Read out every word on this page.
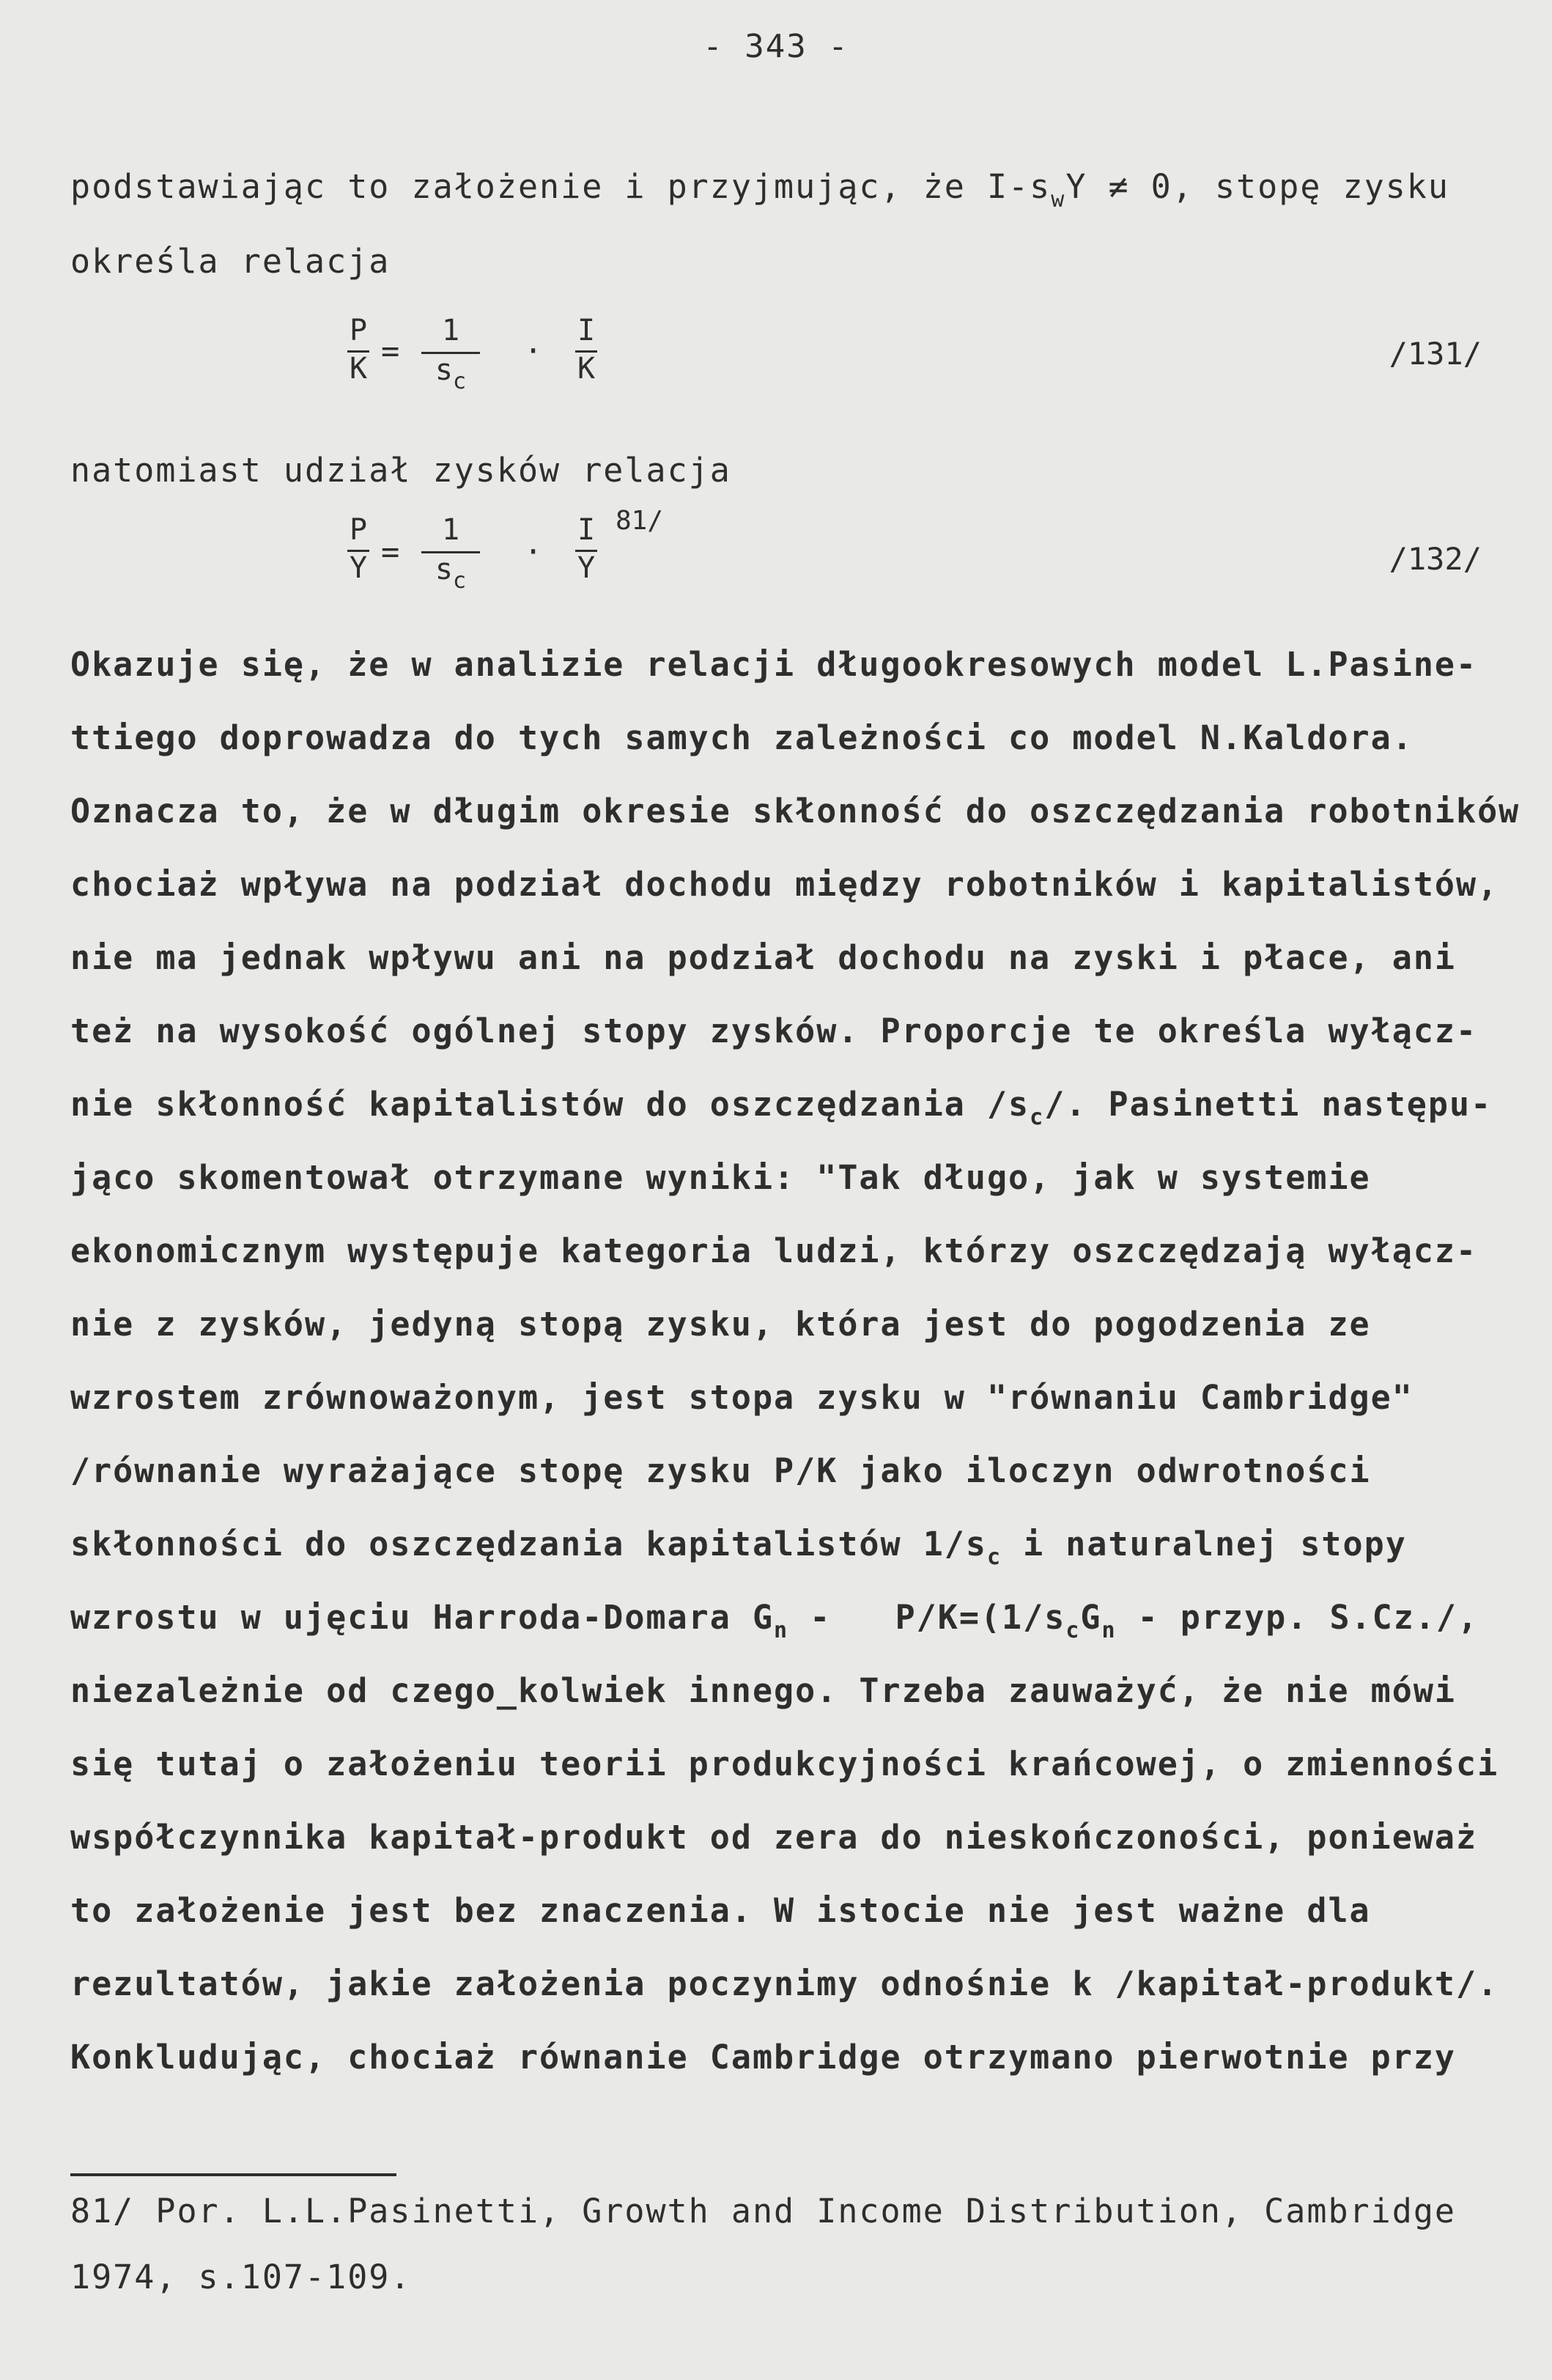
- 343 -
podstawiając to założenie i przyjmując, że $I-s_wY \ne 0$, stopę zysku
określa relacja
P
K =
1
$s_c$
·
I
K	/131/
natomiast udział zysków relacja
P
Y =
1
$s_c$
·
I
Y
81/
/132/
Okazuje się, że w analizie relacji długookresowych model L.Pasine-
ttiego doprowadza do tych samych zależności co model N.Kaldora.
Oznacza to, że w długim okresie skłonność do oszczędzania robotników
chociaż wpływa na podział dochodu między robotników i kapitalistów,
nie ma jednak wpływu ani na podział dochodu na zyski i płace, ani
też na wysokość ogólnej stopy zysków. Proporcje te określa wyłącz-
nie skłonność kapitalistów do oszczędzania $/s_c/$. Pasinetti następu-
jąco skomentował otrzymane wyniki: "Tak długo, jak w systemie
ekonomicznym występuje kategoria ludzi, którzy oszczędzają wyłącz-
nie z zysków, jedyną stopą zysku, która jest do pogodzenia ze
wzrostem zrównoważonym, jest stopa zysku w "równaniu Cambridge"
/równanie wyrażające stopę zysku P/K jako iloczyn odwrotności
skłonności do oszczędzania kapitalistów $1/s_c$ i naturalnej stopy
wzrostu w ujęciu Harroda-Domara $G_n - P/K=(1/s_cG_n$ - przyp. S.Cz./,
niezależnie od czego_kolwiek innego. Trzeba zauważyć, że nie mówi
się tutaj o założeniu teorii produkcyjności krańcowej, o zmienności
współczynnika kapitał-produkt od zera do nieskończoności, ponieważ
to założenie jest bez znaczenia. W istocie nie jest ważne dla
rezultatów, jakie założenia poczynimy odnośnie k /kapitał-produkt/.
Konkludując, chociaż równanie Cambridge otrzymano pierwotnie przy
81/ Por. L.L.Pasinetti, Growth and Income Distribution, Cambridge
1974, s.107-109.
